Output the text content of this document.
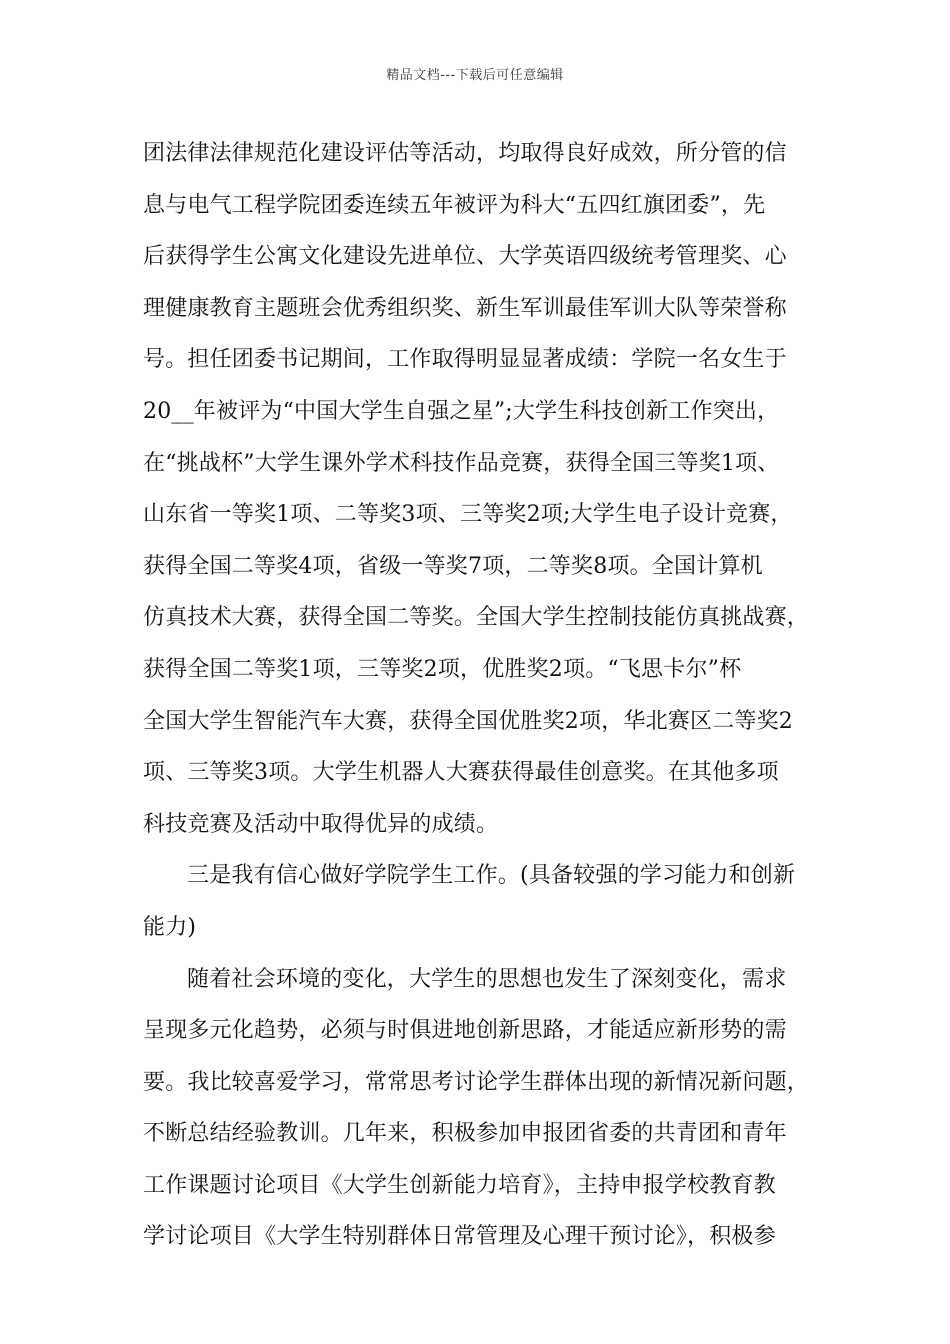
精品文档---下载后可任意编辑
团法律法律规范化建设评估等活动，均取得良好成效，所分管的信
息与电气工程学院团委连续五年被评为科大“五四红旗团委”，先
后获得学生公寓文化建设先进单位、大学英语四级统考管理奖、心
理健康教育主题班会优秀组织奖、新生军训最佳军训大队等荣誉称
号。担任团委书记期间，工作取得明显显著成绩：学院一名女生于
20__年被评为“中国大学生自强之星”;大学生科技创新工作突出，
在“挑战杯”大学生课外学术科技作品竞赛，获得全国三等奖1项、
山东省一等奖1项、二等奖3项、三等奖2项;大学生电子设计竞赛，
获得全国二等奖4项，省级一等奖7项，二等奖8项。全国计算机
仿真技术大赛，获得全国二等奖。全国大学生控制技能仿真挑战赛，
获得全国二等奖1项，三等奖2项，优胜奖2项。“飞思卡尔”杯
全国大学生智能汽车大赛，获得全国优胜奖2项，华北赛区二等奖2
项、三等奖3项。大学生机器人大赛获得最佳创意奖。在其他多项
科技竞赛及活动中取得优异的成绩。
三是我有信心做好学院学生工作。(具备较强的学习能力和创新
能力)
随着社会环境的变化，大学生的思想也发生了深刻变化，需求
呈现多元化趋势，必须与时俱进地创新思路，才能适应新形势的需
要。我比较喜爱学习，常常思考讨论学生群体出现的新情况新问题，
不断总结经验教训。几年来，积极参加申报团省委的共青团和青年
工作课题讨论项目《大学生创新能力培育》，主持申报学校教育教
学讨论项目《大学生特别群体日常管理及心理干预讨论》，积极参
